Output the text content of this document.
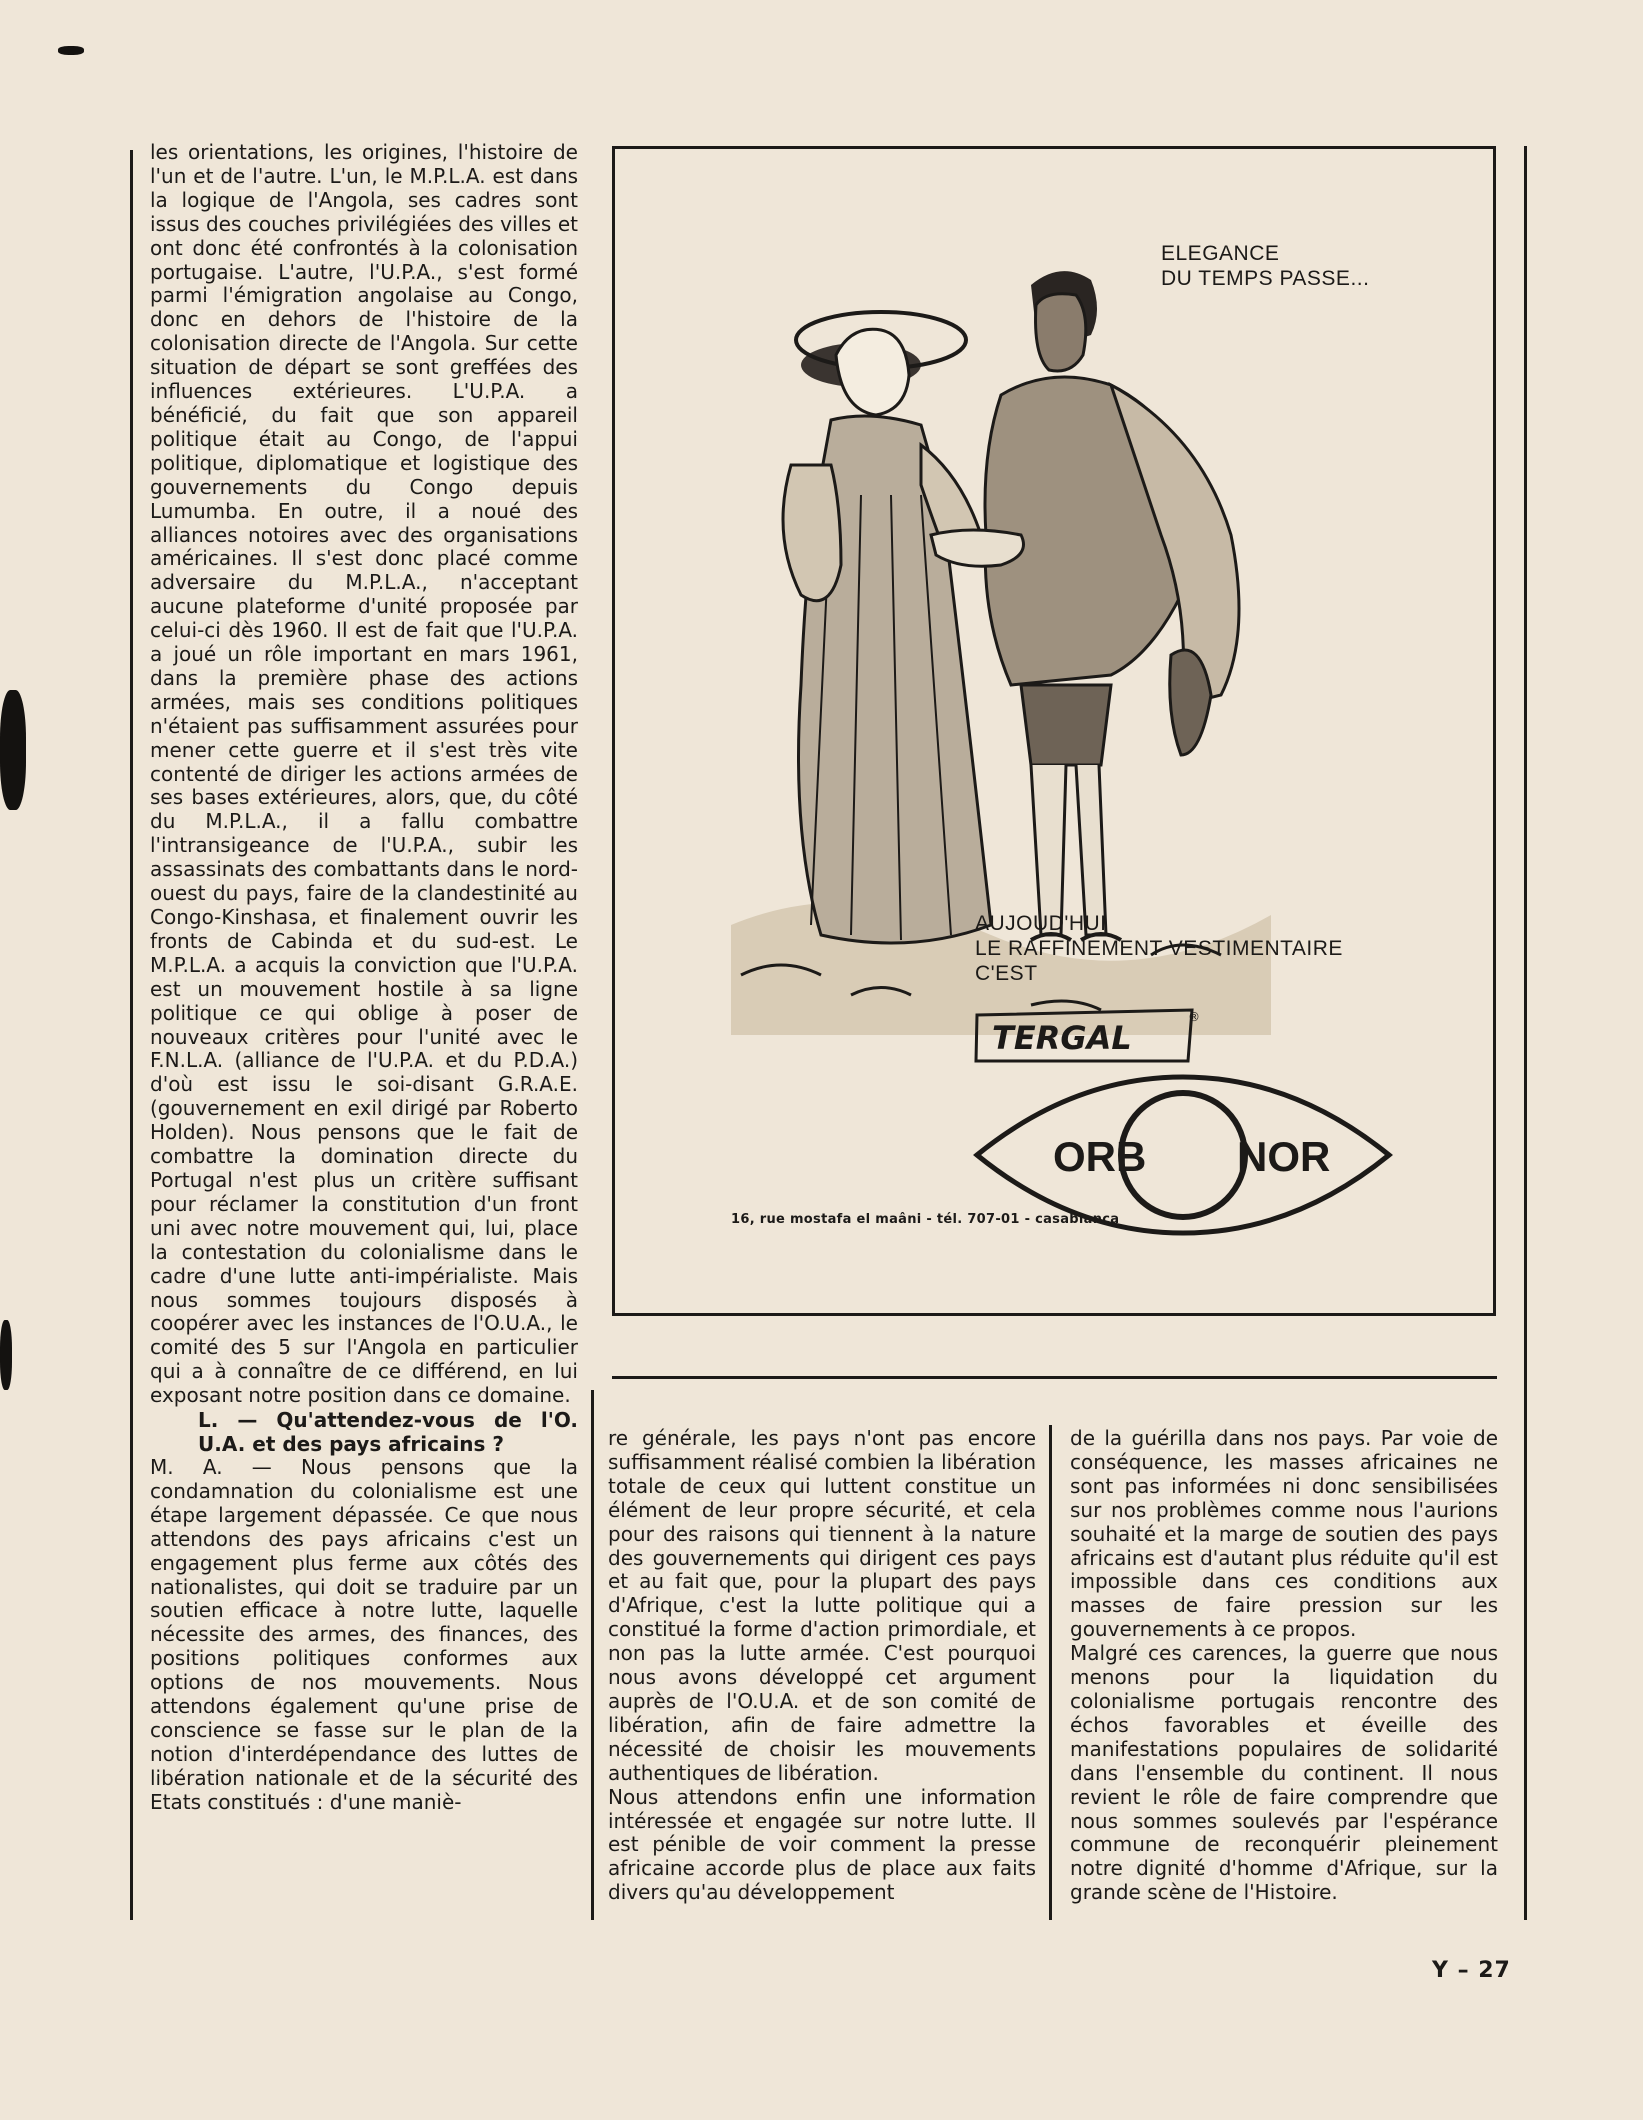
les orientations, les origines, l'histoire de l'un et de l'autre. L'un, le M.P.L.A. est dans la logique de l'Angola, ses cadres sont issus des couches privilégiées des villes et ont donc été confrontés à la colonisation portugaise. L'autre, l'U.P.A., s'est formé parmi l'émigration angolaise au Congo, donc en dehors de l'histoire de la colonisation directe de l'Angola. Sur cette situation de départ se sont greffées des influences extérieures. L'U.P.A. a bénéficié, du fait que son appareil politique était au Congo, de l'appui politique, diplomatique et logistique des gouvernements du Congo depuis Lumumba. En outre, il a noué des alliances notoires avec des organisations américaines. Il s'est donc placé comme adversaire du M.P.L.A., n'acceptant aucune plateforme d'unité proposée par celui-ci dès 1960. Il est de fait que l'U.P.A. a joué un rôle important en mars 1961, dans la première phase des actions armées, mais ses conditions politiques n'étaient pas suffisamment assurées pour mener cette guerre et il s'est très vite contenté de diriger les actions armées de ses bases extérieures, alors, que, du côté du M.P.L.A., il a fallu combattre l'intransigeance de l'U.P.A., subir les assassinats des combattants dans le nord-ouest du pays, faire de la clandestinité au Congo-Kinshasa, et finalement ouvrir les fronts de Cabinda et du sud-est. Le M.P.L.A. a acquis la conviction que l'U.P.A. est un mouvement hostile à sa ligne politique ce qui oblige à poser de nouveaux critères pour l'unité avec le F.N.L.A. (alliance de l'U.P.A. et du P.D.A.) d'où est issu le soi-disant G.R.A.E. (gouvernement en exil dirigé par Roberto Holden). Nous pensons que le fait de combattre la domination directe du Portugal n'est plus un critère suffisant pour réclamer la constitution d'un front uni avec notre mouvement qui, lui, place la contestation du colonialisme dans le cadre d'une lutte anti-impérialiste. Mais nous sommes toujours disposés à coopérer avec les instances de l'O.U.A., le comité des 5 sur l'Angola en particulier qui a à connaître de ce différend, en lui exposant notre position dans ce domaine.

L. — Qu'attendez-vous de l'O. U.A. et des pays africains ?

M. A. — Nous pensons que la condamnation du colonialisme est une étape largement dépassée. Ce que nous attendons des pays africains c'est un engagement plus ferme aux côtés des nationalistes, qui doit se traduire par un soutien efficace à notre lutte, laquelle nécessite des armes, des finances, des positions politiques conformes aux options de nos mouvements. Nous attendons également qu'une prise de conscience se fasse sur le plan de la notion d'interdépendance des luttes de libération nationale et de la sécurité des Etats constitués : d'une maniè-

ELEGANCE
DU TEMPS PASSE...
AUJOUD'HUI
LE RAFFINEMENT VESTIMENTAIRE
C'EST
TERGAL
®
ORB NOR
16, rue mostafa el maâni - tél. 707-01 - casablanca

re générale, les pays n'ont pas encore suffisamment réalisé combien la libération totale de ceux qui luttent constitue un élément de leur propre sécurité, et cela pour des raisons qui tiennent à la nature des gouvernements qui dirigent ces pays et au fait que, pour la plupart des pays d'Afrique, c'est la lutte politique qui a constitué la forme d'action primordiale, et non pas la lutte armée. C'est pourquoi nous avons développé cet argument auprès de l'O.U.A. et de son comité de libération, afin de faire admettre la nécessité de choisir les mouvements authentiques de libération.

Nous attendons enfin une information intéressée et engagée sur notre lutte. Il est pénible de voir comment la presse africaine accorde plus de place aux faits divers qu'au développement

de la guérilla dans nos pays. Par voie de conséquence, les masses africaines ne sont pas informées ni donc sensibilisées sur nos problèmes comme nous l'aurions souhaité et la marge de soutien des pays africains est d'autant plus réduite qu'il est impossible dans ces conditions aux masses de faire pression sur les gouvernements à ce propos.

Malgré ces carences, la guerre que nous menons pour la liquidation du colonialisme portugais rencontre des échos favorables et éveille des manifestations populaires de solidarité dans l'ensemble du continent. Il nous revient le rôle de faire comprendre que nous sommes soulevés par l'espérance commune de reconquérir pleinement notre dignité d'homme d'Afrique, sur la grande scène de l'Histoire.

Y – 27
